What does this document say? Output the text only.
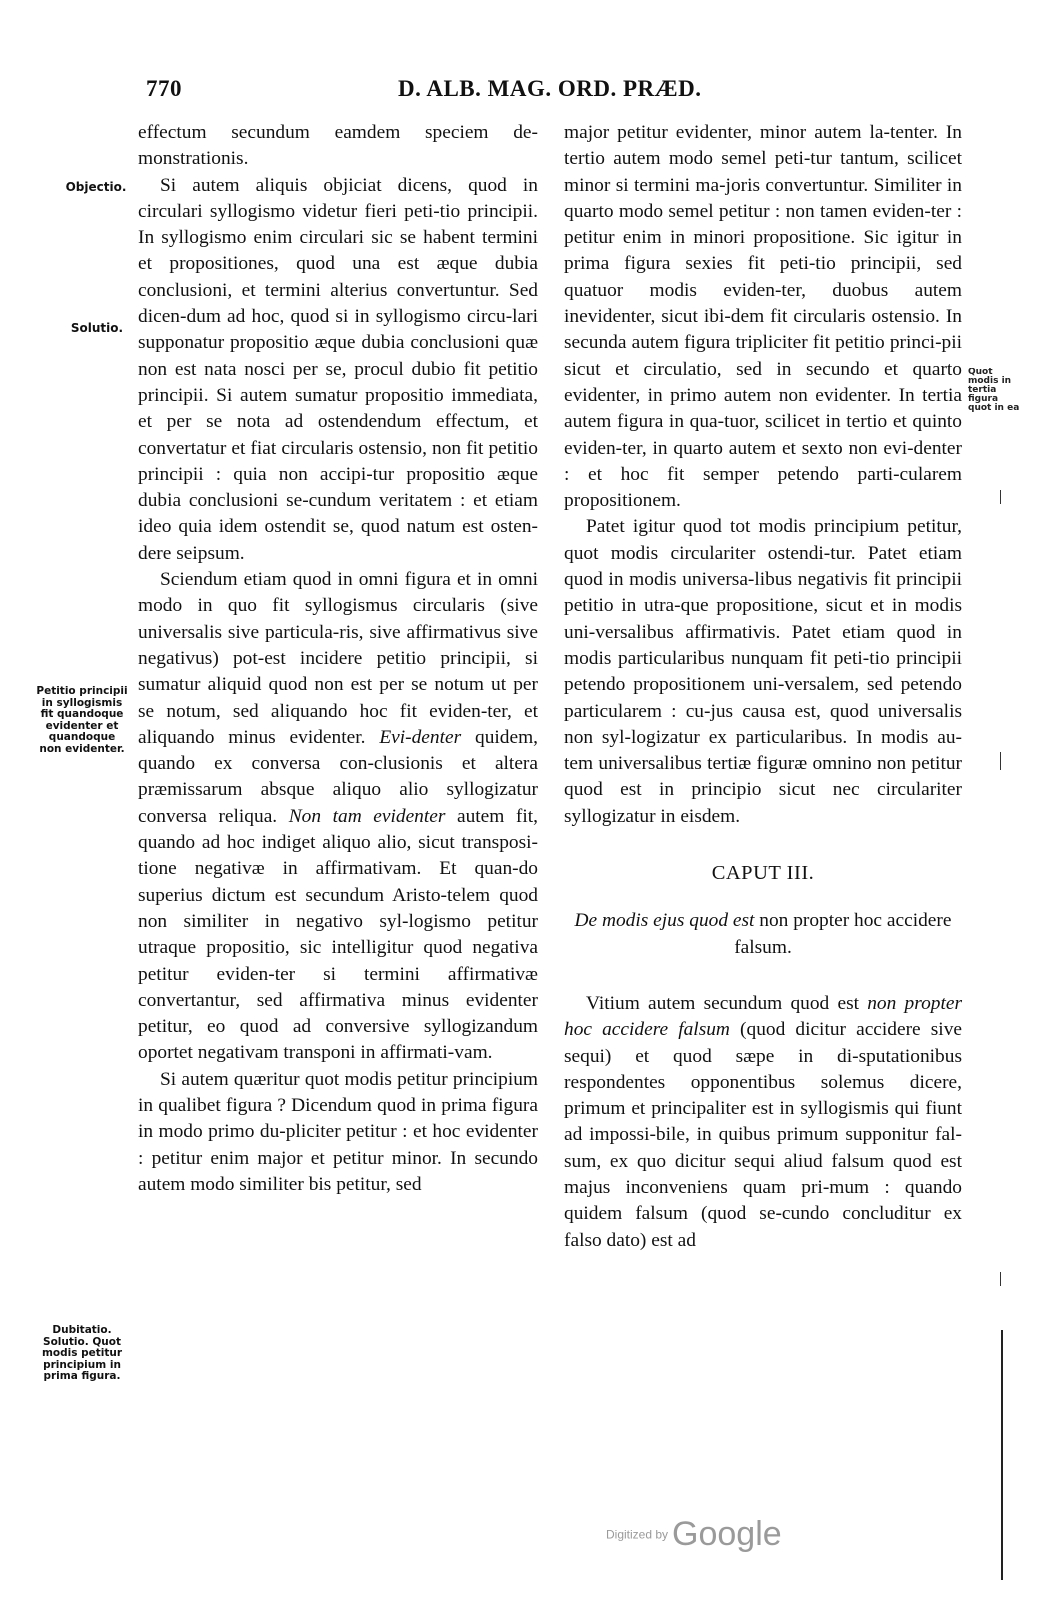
770	D. ALB. MAG. ORD. PRÆD.
Objectio.
Solutio.
Petitio principii in syllogismis fit quandoque evidenter et quandoque non evidenter.
Dubitatio. Solutio. Quot modis petitur principium in prima figura.
Quot modis in tertia figura quot in ea

effectum secundum eamdem speciem de-monstrationis.

Si autem aliquis objiciat dicens, quod in circulari syllogismo videtur fieri peti-tio principii. In syllogismo enim circulari sic se habent termini et propositiones, quod una est æque dubia conclusioni, et termini alterius convertuntur. Sed dicen-dum ad hoc, quod si in syllogismo circu-lari supponatur propositio æque dubia conclusioni quæ non est nata nosci per se, procul dubio fit petitio principii. Si autem sumatur propositio immediata, et per se nota ad ostendendum effectum, et convertatur et fiat circularis ostensio, non fit petitio principii : quia non accipi-tur propositio æque dubia conclusioni se-cundum veritatem : et etiam ideo quia idem ostendit se, quod natum est osten-dere seipsum.

Sciendum etiam quod in omni figura et in omni modo in quo fit syllogismus circularis (sive universalis sive particula-ris, sive affirmativus sive negativus) pot-est incidere petitio principii, si sumatur aliquid quod non est per se notum ut per se notum, sed aliquando hoc fit eviden-ter, et aliquando minus evidenter. Evi-denter quidem, quando ex conversa con-clusionis et altera præmissarum absque aliquo alio syllogizatur conversa reliqua. Non tam evidenter autem fit, quando ad hoc indiget aliquo alio, sicut transposi-tione negativæ in affirmativam. Et quan-do superius dictum est secundum Aristo-telem quod non similiter in negativo syl-logismo petitur utraque propositio, sic intelligitur quod negativa petitur eviden-ter si termini affirmativæ convertantur, sed affirmativa minus evidenter petitur, eo quod ad conversive syllogizandum oportet negativam transponi in affirmati-vam.

Si autem quæritur quot modis petitur principium in qualibet figura ? Dicendum quod in prima figura in modo primo du-pliciter petitur : et hoc evidenter : petitur enim major et petitur minor. In secundo autem modo similiter bis petitur, sed

major petitur evidenter, minor autem la-tenter. In tertio autem modo semel peti-tur tantum, scilicet minor si termini ma-joris convertuntur. Similiter in quarto modo semel petitur : non tamen eviden-ter : petitur enim in minori propositione. Sic igitur in prima figura sexies fit peti-tio principii, sed quatuor modis eviden-ter, duobus autem inevidenter, sicut ibi-dem fit circularis ostensio. In secunda autem figura tripliciter fit petitio princi-pii sicut et circulatio, sed in secundo et quarto evidenter, in primo autem non evidenter. In tertia autem figura in qua-tuor, scilicet in tertio et quinto eviden-ter, in quarto autem et sexto non evi-denter : et hoc fit semper petendo parti-cularem propositionem.

Patet igitur quod tot modis principium petitur, quot modis circulariter ostendi-tur. Patet etiam quod in modis universa-libus negativis fit principii petitio in utra-que propositione, sicut et in modis uni-versalibus affirmativis. Patet etiam quod in modis particularibus nunquam fit peti-tio principii petendo propositionem uni-versalem, sed petendo particularem : cu-jus causa est, quod universalis non syl-logizatur ex particularibus. In modis au-tem universalibus tertiæ figuræ omnino non petitur quod est in principio sicut nec circulariter syllogizatur in eisdem.

CAPUT III.

De modis ejus quod est non propter hoc accidere falsum.

Vitium autem secundum quod est non propter hoc accidere falsum (quod dicitur accidere sive sequi) et quod sæpe in di-sputationibus respondentes opponentibus solemus dicere, primum et principaliter est in syllogismis qui fiunt ad impossi-bile, in quibus primum supponitur fal-sum, ex quo dicitur sequi aliud falsum quod est majus inconveniens quam pri-mum : quando quidem falsum (quod se-cundo concluditur ex falso dato) est ad

Digitized by Google
